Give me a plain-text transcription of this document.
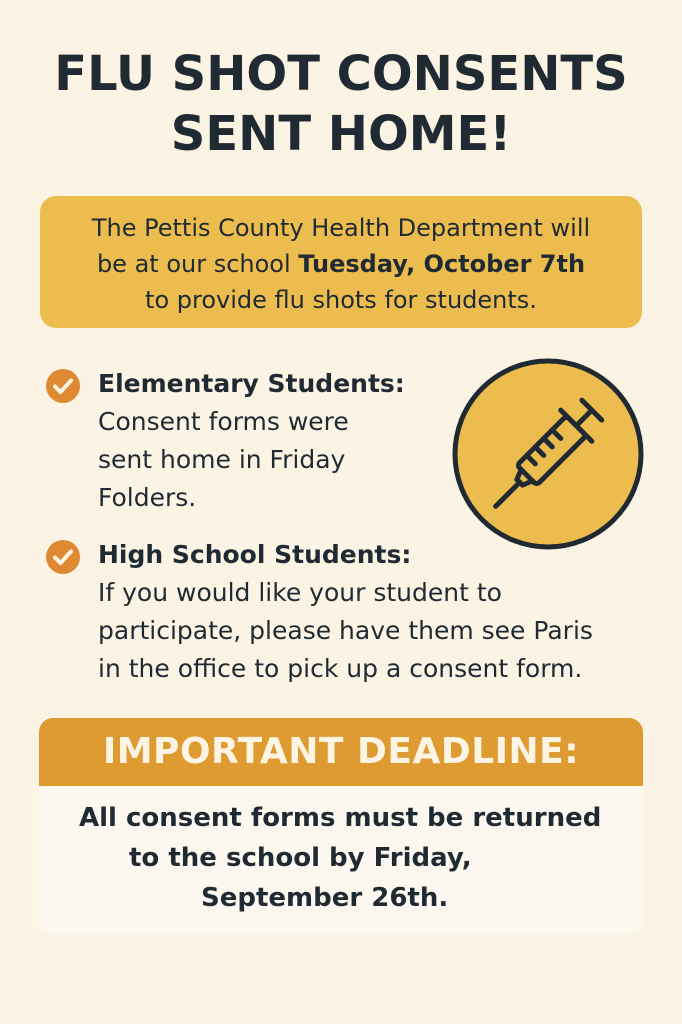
FLU SHOT CONSENTS
SENT HOME!
The Pettis County Health Department will
be at our school Tuesday, October 7th
to provide flu shots for students.
Elementary Students:
Consent forms were
sent home in Friday
Folders.
High School Students:
If you would like your student to
participate, please have them see Paris
in the office to pick up a consent form.
IMPORTANT DEADLINE:
All consent forms must be returned
to the school by Friday,
September 26th.
